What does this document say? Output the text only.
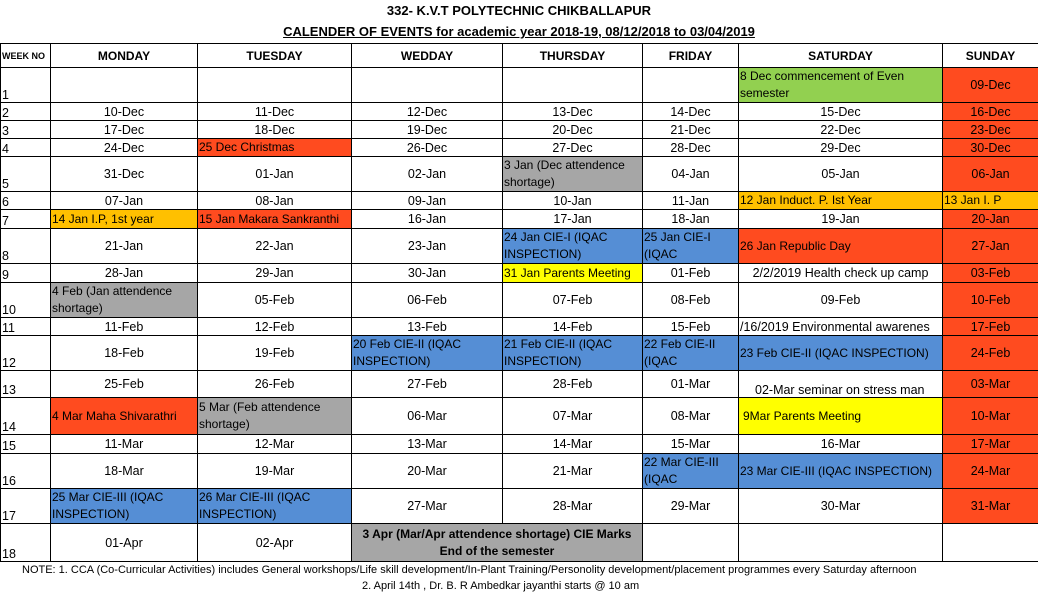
332- K.V.T POLYTECHNIC CHIKBALLAPUR
CALENDER OF EVENTS for academic year 2018-19, 08/12/2018 to 03/04/2019
WEEK NO	MONDAY	TUESDAY	WEDDAY	THURSDAY	FRIDAY	SATURDAY	SUNDAY
1						8 Dec commencement of Even semester	09-Dec
2	10-Dec	11-Dec	12-Dec	13-Dec	14-Dec	15-Dec	16-Dec
3	17-Dec	18-Dec	19-Dec	20-Dec	21-Dec	22-Dec	23-Dec
4	24-Dec	25 Dec Christmas	26-Dec	27-Dec	28-Dec	29-Dec	30-Dec
5	31-Dec	01-Jan	02-Jan	3 Jan (Dec attendence shortage)	04-Jan	05-Jan	06-Jan
6	07-Jan	08-Jan	09-Jan	10-Jan	11-Jan	12 Jan Induct. P. Ist Year	13 Jan I. P
7	14 Jan I.P, 1st year	15 Jan Makara Sankranthi	16-Jan	17-Jan	18-Jan	19-Jan	20-Jan
8	21-Jan	22-Jan	23-Jan	24 Jan CIE-I (IQAC INSPECTION)	25 Jan CIE-I (IQAC	26 Jan Republic Day	27-Jan
9	28-Jan	29-Jan	30-Jan	31 Jan Parents Meeting	01-Feb	2/2/2019 Health check up camp	03-Feb
10	4 Feb (Jan attendence shortage)	05-Feb	06-Feb	07-Feb	08-Feb	09-Feb	10-Feb
11	11-Feb	12-Feb	13-Feb	14-Feb	15-Feb	/16/2019 Environmental awarenes	17-Feb
12	18-Feb	19-Feb	20 Feb CIE-II (IQAC INSPECTION)	21 Feb CIE-II (IQAC INSPECTION)	22 Feb CIE-II (IQAC	23 Feb CIE-II (IQAC INSPECTION)	24-Feb
13	25-Feb	26-Feb	27-Feb	28-Feb	01-Mar	02-Mar seminar on stress man	03-Mar
14	4 Mar Maha Shivarathri	5 Mar (Feb attendence shortage)	06-Mar	07-Mar	08-Mar	9Mar Parents Meeting	10-Mar
15	11-Mar	12-Mar	13-Mar	14-Mar	15-Mar	16-Mar	17-Mar
16	18-Mar	19-Mar	20-Mar	21-Mar	22 Mar CIE-III (IQAC	23 Mar CIE-III (IQAC INSPECTION)	24-Mar
17	25 Mar CIE-III (IQAC INSPECTION)	26 Mar CIE-III (IQAC INSPECTION)	27-Mar	28-Mar	29-Mar	30-Mar	31-Mar
18	01-Apr	02-Apr	3 Apr (Mar/Apr attendence shortage) CIE Marks End of the semester				
NOTE: 1. CCA (Co-Curricular Activities) includes General workshops/Life skill development/In-Plant Training/Personolity development/placement programmes every Saturday afternoon
2. April 14th , Dr. B. R Ambedkar jayanthi starts @ 10 am
